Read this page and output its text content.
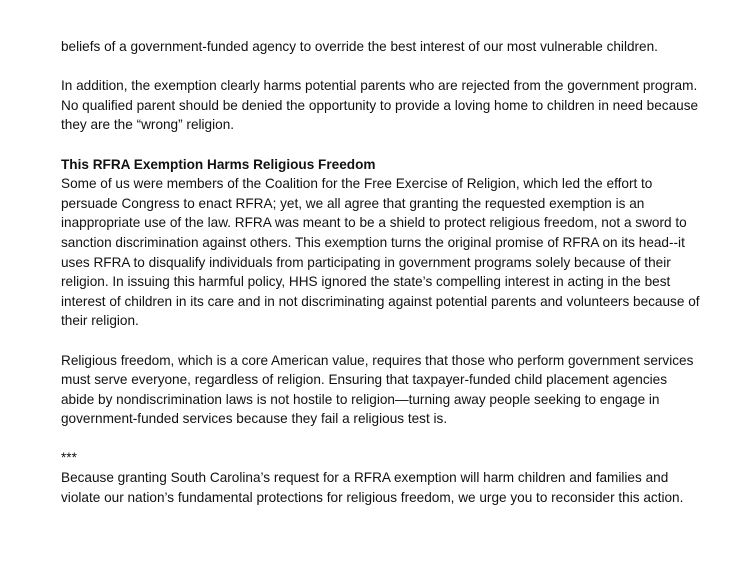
beliefs of a government-funded agency to override the best interest of our most vulnerable children.

In addition, the exemption clearly harms potential parents who are rejected from the government program. No qualified parent should be denied the opportunity to provide a loving home to children in need because they are the “wrong” religion.

This RFRA Exemption Harms Religious Freedom

Some of us were members of the Coalition for the Free Exercise of Religion, which led the effort to persuade Congress to enact RFRA; yet, we all agree that granting the requested exemption is an inappropriate use of the law. RFRA was meant to be a shield to protect religious freedom, not a sword to sanction discrimination against others. This exemption turns the original promise of RFRA on its head--it uses RFRA to disqualify individuals from participating in government programs solely because of their religion. In issuing this harmful policy, HHS ignored the state’s compelling interest in acting in the best interest of children in its care and in not discriminating against potential parents and volunteers because of their religion.

Religious freedom, which is a core American value, requires that those who perform government services must serve everyone, regardless of religion. Ensuring that taxpayer-funded child placement agencies abide by nondiscrimination laws is not hostile to religion—turning away people seeking to engage in government-funded services because they fail a religious test is.

***

Because granting South Carolina’s request for a RFRA exemption will harm children and families and violate our nation’s fundamental protections for religious freedom, we urge you to reconsider this action.
